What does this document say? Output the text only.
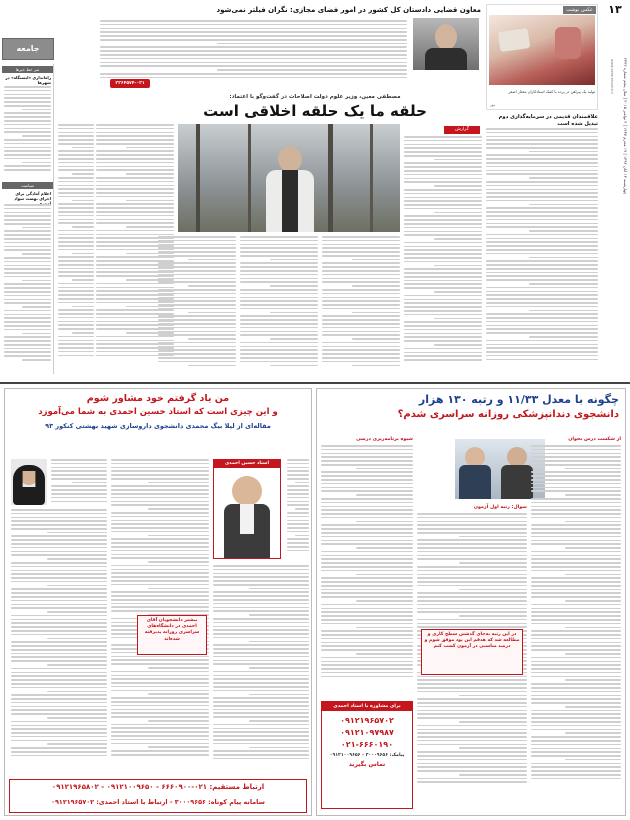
۱۳
چهارشنبه ۱۳ آبان ۱۳۹۴ | ۱۹ محرم ۱۴۳۷ | ۴ نوامبر ۲۰۱۵ | سال پنجم شماره ۲۳۴۲
www.setarehsobh.ir
جامعه
سر خط خبرها
راه‌اندازی «ایستگاه» در شهرها
سیاست
اعلام آمادگی برای اجرای نهضت سواد
معاون قضایی دادستان کل کشور در امور فضای مجازی: نگران فیلتر نمی‌شود
۲۲۶۴۵۷۴-۰۲۱
عکس نوشت
تولید یک پیراهن در پرده با کمک استادکاران مختار اصغر
مهر
مصطفی معین، وزیر علوم دولت اصلاحات در گفت‌وگو با اعتماد:
حلقه ما یک حلقه اخلاقی است	علاقمندان قدیمی در سرمایه‌گذاری دوم تبدیل شده است
گزارش
چگونه با معدل ۱۱/۳۳ و رتبه ۱۳۰ هزار
دانشجوی دندانپزشکی روزانه سراسری شدم؟
از شکست درس بخوان
سوال: رتبه اول آزمون
در این رتبه به‌جای گذشتن سطح کاری و مطالعه شد که هدفم این بود موفق شوم و درصد مناسبی در آزمون کسب کنم
شیوه برنامه‌ریزی درسی
برای مشاوره با استاد احمدی
۰۹۱۲۱۹۶۵۷۰۲
۰۹۱۲۱۰۹۷۹۸۷
۰۲۱-۶۶۶۰۱۹۰
پیامک: ۳۰۰۰۹۶۵۶ - ۰۹۱۲۱۰۰۹۶۵۶
تماس بگیرید
من یاد گرفتم خود مشاور شوم
و این چیزی است که استاد حسین احمدی به شما می‌آموزد
مقاله‌ای از لیلا بیگ محمدی دانشجوی داروسازی شهید بهشتی کنکور ۹۳
استاد حسین احمدی
بیشتر دانشجویان آقای احمدی در دانشگاه‌های سراسری روزانه پذیرفته شده‌اند
ارتباط مستقیم: ۰۲۱-۶۶۶۰۹۰۰ - ۰۹۱۲۱۰۰۹۶۵۰ - ۰۹۱۲۱۹۶۵۸۰۲
سامانه پیام کوتاه: ۳۰۰۰۹۶۵۶ - ارتباط با استاد احمدی: ۰۹۱۲۱۹۶۵۷۰۲
